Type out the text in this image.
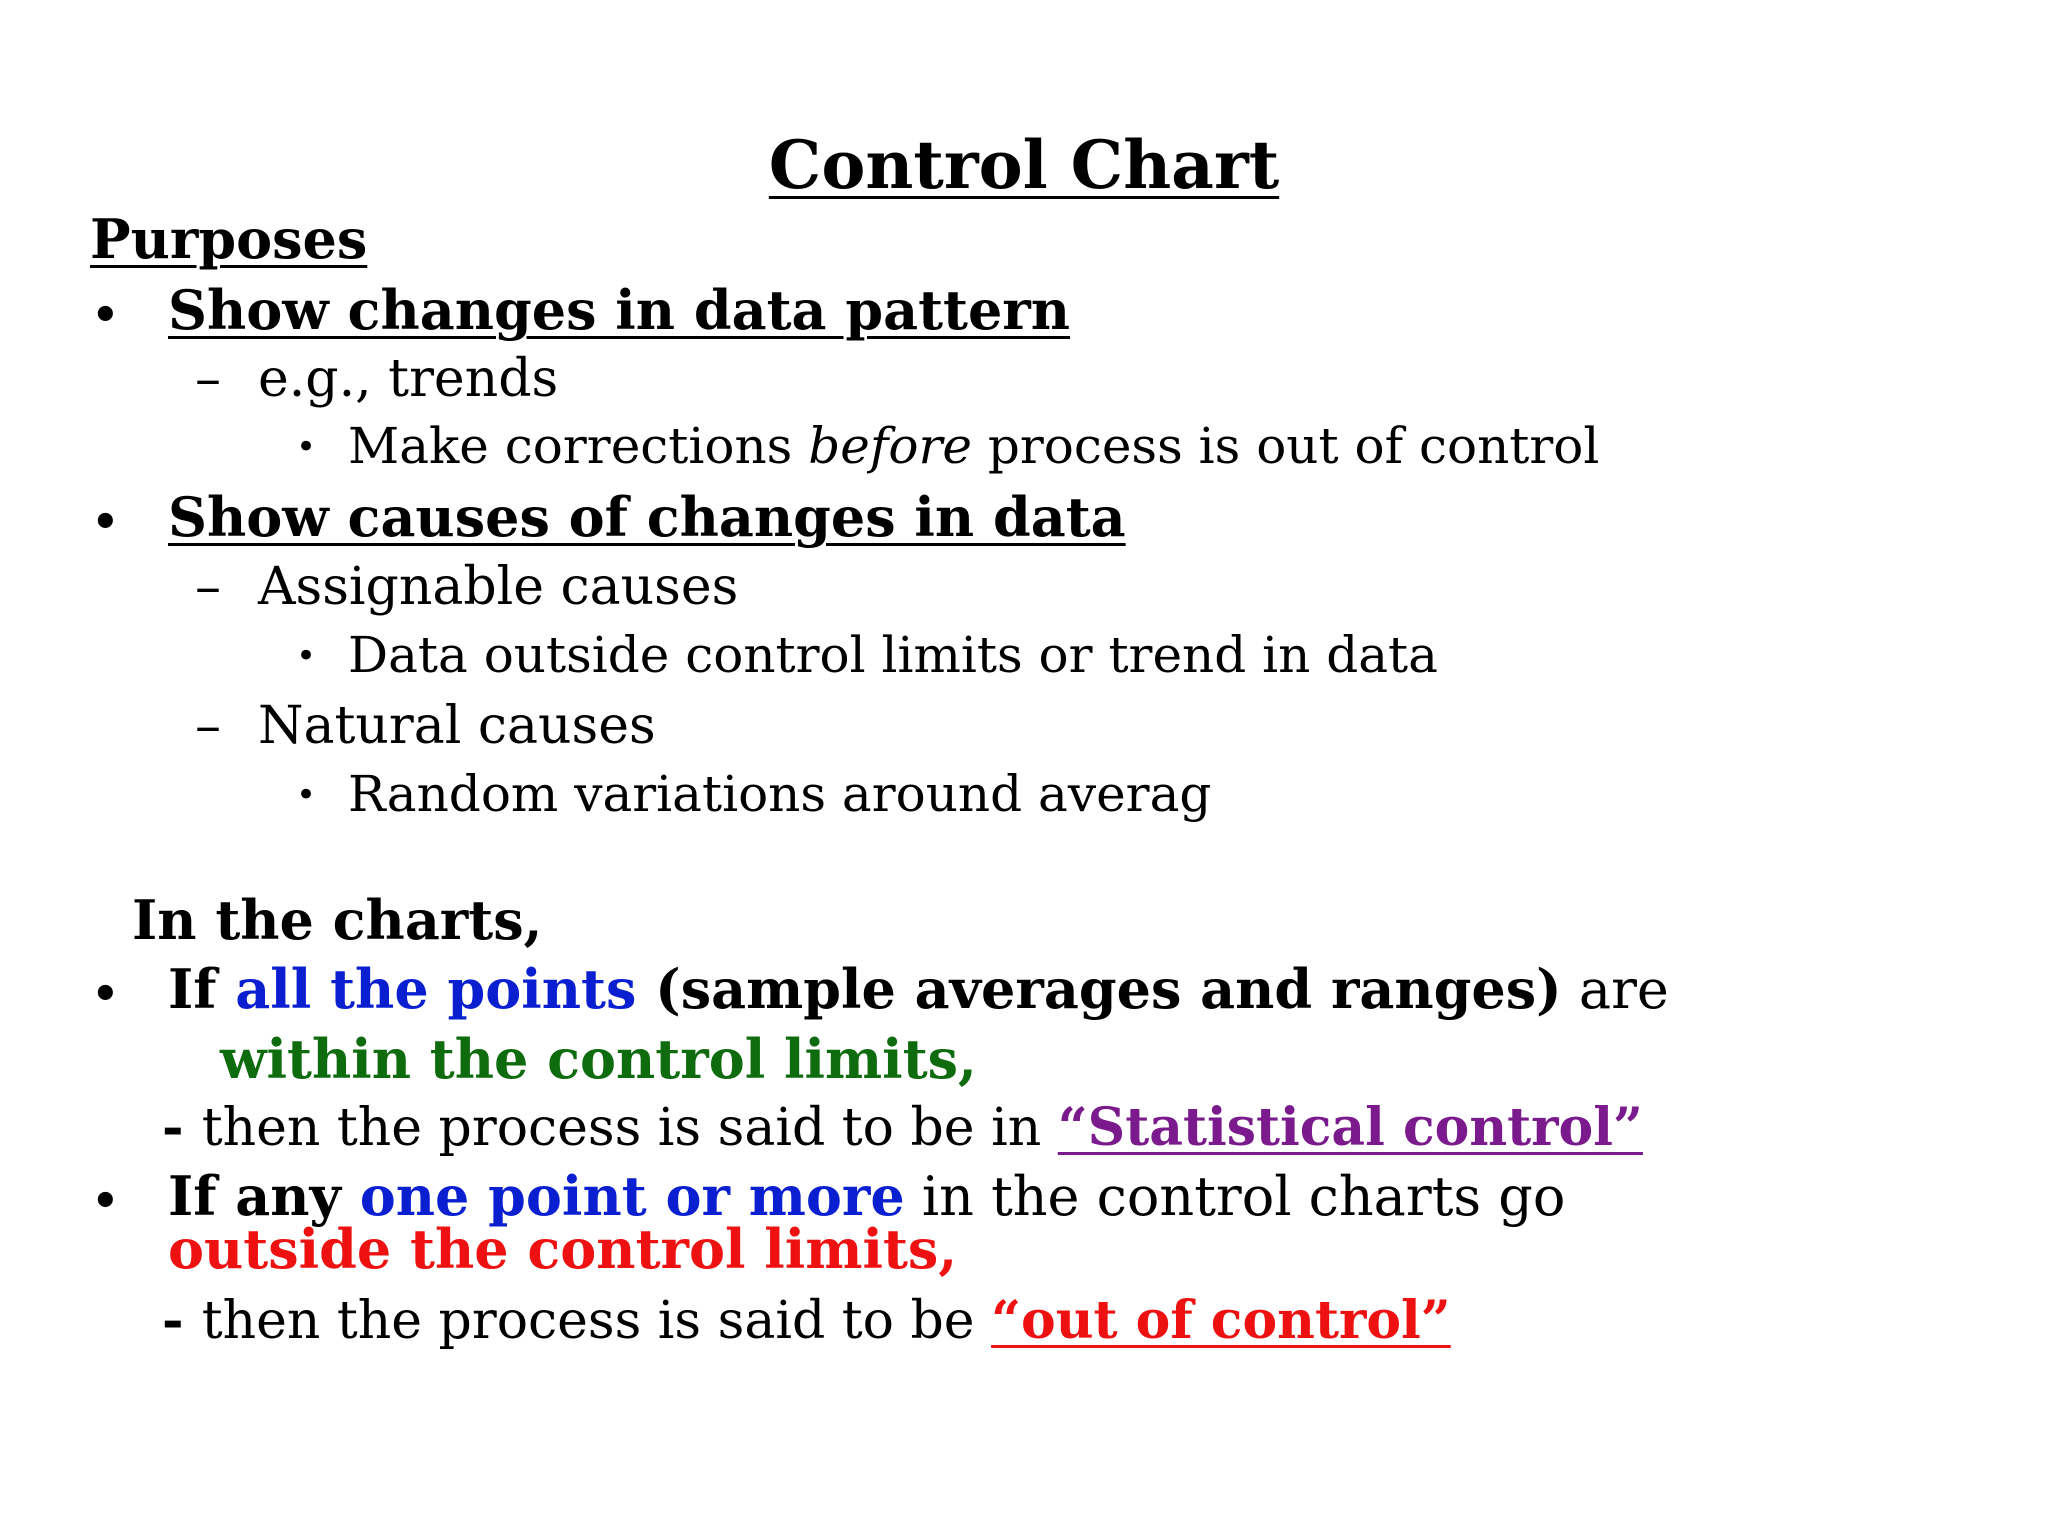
Control Chart
Purposes
• Show changes in data pattern
– e.g., trends
• Make corrections before process is out of control
• Show causes of changes in data
– Assignable causes
• Data outside control limits or trend in data
– Natural causes
• Random variations around averag
In the charts,
• If all the points (sample averages and ranges) are
within the control limits,
- then the process is said to be in “Statistical control”
• If any one point or more in the control charts go
outside the control limits,
- then the process is said to be “out of control”
